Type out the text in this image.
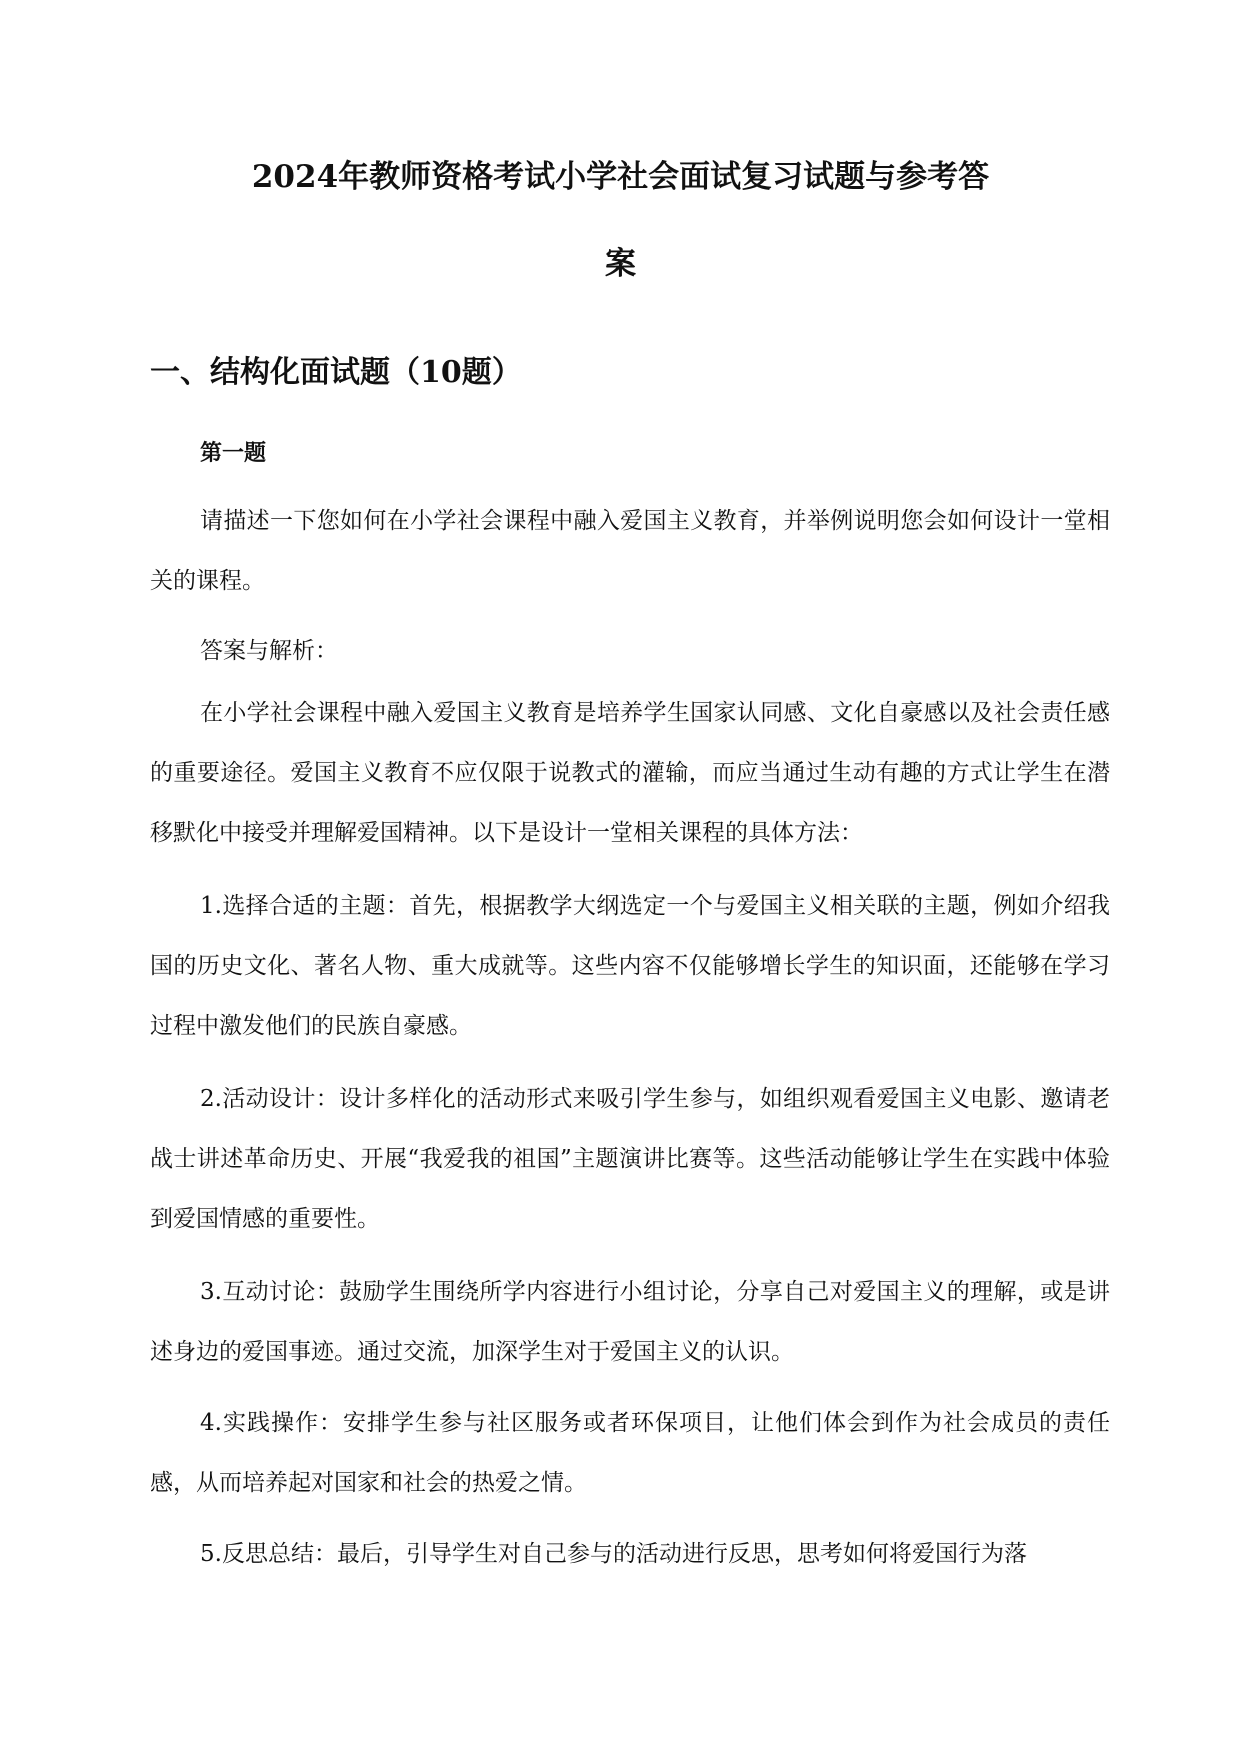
2024年教师资格考试小学社会面试复习试题与参考答
案
一、结构化面试题（10题）
第一题

请描述一下您如何在小学社会课程中融入爱国主义教育，并举例说明您会如何设计一堂相关的课程。

答案与解析：

在小学社会课程中融入爱国主义教育是培养学生国家认同感、文化自豪感以及社会责任感的重要途径。爱国主义教育不应仅限于说教式的灌输，而应当通过生动有趣的方式让学生在潜移默化中接受并理解爱国精神。以下是设计一堂相关课程的具体方法：

1.选择合适的主题：首先，根据教学大纲选定一个与爱国主义相关联的主题，例如介绍我国的历史文化、著名人物、重大成就等。这些内容不仅能够增长学生的知识面，还能够在学习过程中激发他们的民族自豪感。

2.活动设计：设计多样化的活动形式来吸引学生参与，如组织观看爱国主义电影、邀请老战士讲述革命历史、开展“我爱我的祖国”主题演讲比赛等。这些活动能够让学生在实践中体验到爱国情感的重要性。

3.互动讨论：鼓励学生围绕所学内容进行小组讨论，分享自己对爱国主义的理解，或是讲述身边的爱国事迹。通过交流，加深学生对于爱国主义的认识。

4.实践操作：安排学生参与社区服务或者环保项目，让他们体会到作为社会成员的责任感，从而培养起对国家和社会的热爱之情。

5.反思总结：最后，引导学生对自己参与的活动进行反思，思考如何将爱国行为落
